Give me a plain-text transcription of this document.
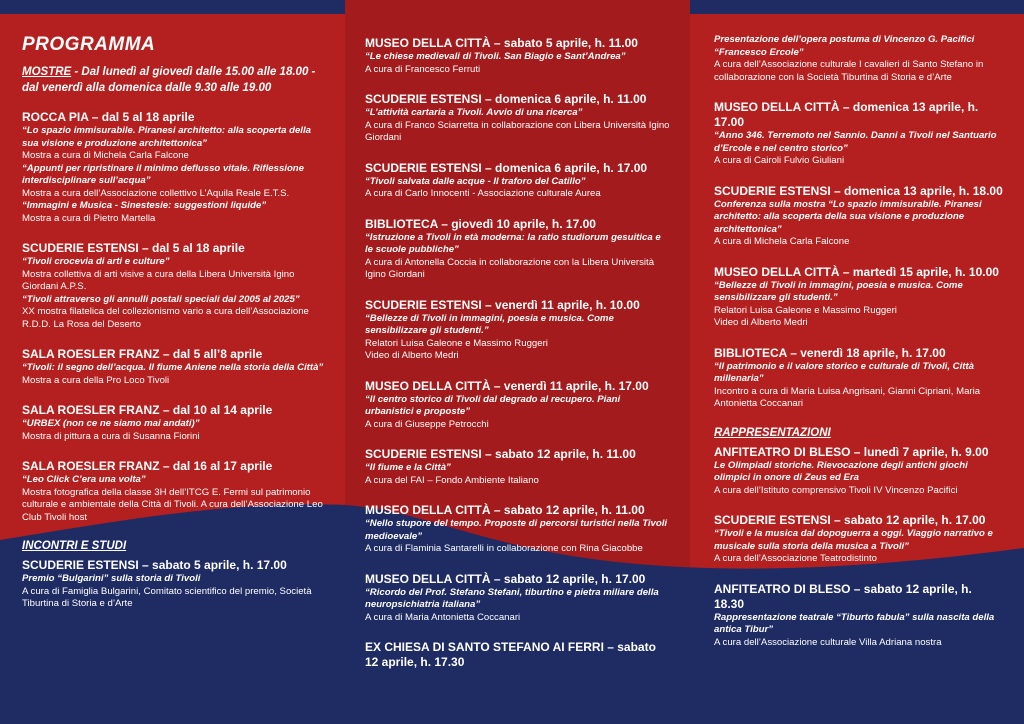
PROGRAMMA
MOSTRE - Dal lunedì al giovedì dalle 15.00 alle 18.00 - dal venerdì alla domenica dalle 9.30 alle 19.00
ROCCA PIA – dal 5 al 18 aprile
“Lo spazio immisurabile. Piranesi architetto: alla scoperta della sua visione e produzione architettonica”
Mostra a cura di Michela Carla Falcone
“Appunti per ripristinare il minimo deflusso vitale. Riflessione interdisciplinare sull’acqua”
Mostra a cura dell’Associazione collettivo L’Aquila Reale E.T.S.
“Immagini e Musica - Sinestesie: suggestioni liquide”
Mostra a cura di Pietro Martella
SCUDERIE ESTENSI – dal 5 al 18 aprile
“Tivoli crocevia di arti e culture”
Mostra collettiva di arti visive a cura della Libera Università Igino Giordani A.P.S.
“Tivoli attraverso gli annulli postali speciali dal 2005 al 2025”
XX mostra filatelica del collezionismo vario a cura dell’Associazione R.D.D. La Rosa del Deserto
SALA ROESLER FRANZ – dal 5 all’8 aprile
“Tivoli: il segno dell’acqua. Il fiume Aniene nella storia della Città”
Mostra a cura della Pro Loco Tivoli
SALA ROESLER FRANZ – dal 10 al 14 aprile
“URBEX (non ce ne siamo mai andati)”
Mostra di pittura a cura di Susanna Fiorini
SALA ROESLER FRANZ – dal 16 al 17 aprile
“Leo Click C’era una volta”
Mostra fotografica della classe 3H dell’ITCG E. Fermi sul patrimonio culturale e ambientale della Città di Tivoli. A cura dell’Associazione Leo Club Tivoli host
INCONTRI E STUDI
SCUDERIE ESTENSI – sabato 5 aprile, h. 17.00
Premio “Bulgarini” sulla storia di Tivoli
A cura di Famiglia Bulgarini, Comitato scientifico del premio, Società Tiburtina di Storia e d’Arte
MUSEO DELLA CITTÀ – sabato 5 aprile, h. 11.00
“Le chiese medievali di Tivoli. San Biagio e Sant’Andrea”
A cura di Francesco Ferruti
SCUDERIE ESTENSI – domenica 6 aprile, h. 11.00
“L’attività cartaria a Tivoli. Avvio di una ricerca”
A cura di Franco Sciarretta in collaborazione con Libera Università Igino Giordani
SCUDERIE ESTENSI – domenica 6 aprile, h. 17.00
“Tivoli salvata dalle acque - Il traforo del Catillo”
A cura di Carlo Innocenti - Associazione culturale Aurea
BIBLIOTECA – giovedì 10 aprile, h. 17.00
“Istruzione a Tivoli in età moderna: la ratio studiorum gesuitica e le scuole pubbliche”
A cura di Antonella Coccia in collaborazione con la Libera Università Igino Giordani
SCUDERIE ESTENSI – venerdì 11 aprile, h. 10.00
“Bellezze di Tivoli in immagini, poesia e musica. Come sensibilizzare gli studenti.”
Relatori Luisa Galeone e Massimo Ruggeri
Video di Alberto Medri
MUSEO DELLA CITTÀ – venerdì 11 aprile, h. 17.00
“Il centro storico di Tivoli dal degrado al recupero. Piani urbanistici e proposte”
A cura di Giuseppe Petrocchi
SCUDERIE ESTENSI – sabato 12 aprile, h. 11.00
“Il fiume e la Città”
A cura del FAI – Fondo Ambiente Italiano
MUSEO DELLA CITTÀ – sabato 12 aprile, h. 11.00
“Nello stupore del tempo. Proposte di percorsi turistici nella Tivoli medioevale”
A cura di Flaminia Santarelli in collaborazione con Rina Giacobbe
MUSEO DELLA CITTÀ – sabato 12 aprile, h. 17.00
“Ricordo del Prof. Stefano Stefani, tiburtino e pietra miliare della neuropsichiatria italiana”
A cura di Maria Antonietta Coccanari
EX CHIESA DI SANTO STEFANO AI FERRI – sabato 12 aprile, h. 17.30
Presentazione dell’opera postuma di Vincenzo G. Pacifici “Francesco Ercole”
A cura dell’Associazione culturale I cavalieri di Santo Stefano in collaborazione con la Società Tiburtina di Storia e d’Arte
MUSEO DELLA CITTÀ – domenica 13 aprile, h. 17.00
“Anno 346. Terremoto nel Sannio. Danni a Tivoli nel Santuario d’Ercole e nel centro storico”
A cura di Cairoli Fulvio Giuliani
SCUDERIE ESTENSI – domenica 13 aprile, h. 18.00
Conferenza sulla mostra “Lo spazio immisurabile. Piranesi architetto: alla scoperta della sua visione e produzione architettonica”
A cura di Michela Carla Falcone
MUSEO DELLA CITTÀ – martedì 15 aprile, h. 10.00
“Bellezze di Tivoli in immagini, poesia e musica. Come sensibilizzare gli studenti.”
Relatori Luisa Galeone e Massimo Ruggeri
Video di Alberto Medri
BIBLIOTECA – venerdì 18 aprile, h. 17.00
“Il patrimonio e il valore storico e culturale di Tivoli, Città millenaria”
Incontro a cura di Maria Luisa Angrisani, Gianni Cipriani, Maria Antonietta Coccanari
RAPPRESENTAZIONI
ANFITEATRO DI BLESO – lunedì 7 aprile, h. 9.00
Le Olimpiadi storiche. Rievocazione degli antichi giochi olimpici in onore di Zeus ed Era
A cura dell’Istituto comprensivo Tivoli IV Vincenzo Pacifici
SCUDERIE ESTENSI – sabato 12 aprile, h. 17.00
“Tivoli e la musica dal dopoguerra a oggi. Viaggio narrativo e musicale sulla storia della musica a Tivoli”
A cura dell’Associazione Teatrodistinto
ANFITEATRO DI BLESO – sabato 12 aprile, h. 18.30
Rappresentazione teatrale “Tiburto fabula” sulla nascita della antica Tibur”
A cura dell’Associazione culturale Villa Adriana nostra
